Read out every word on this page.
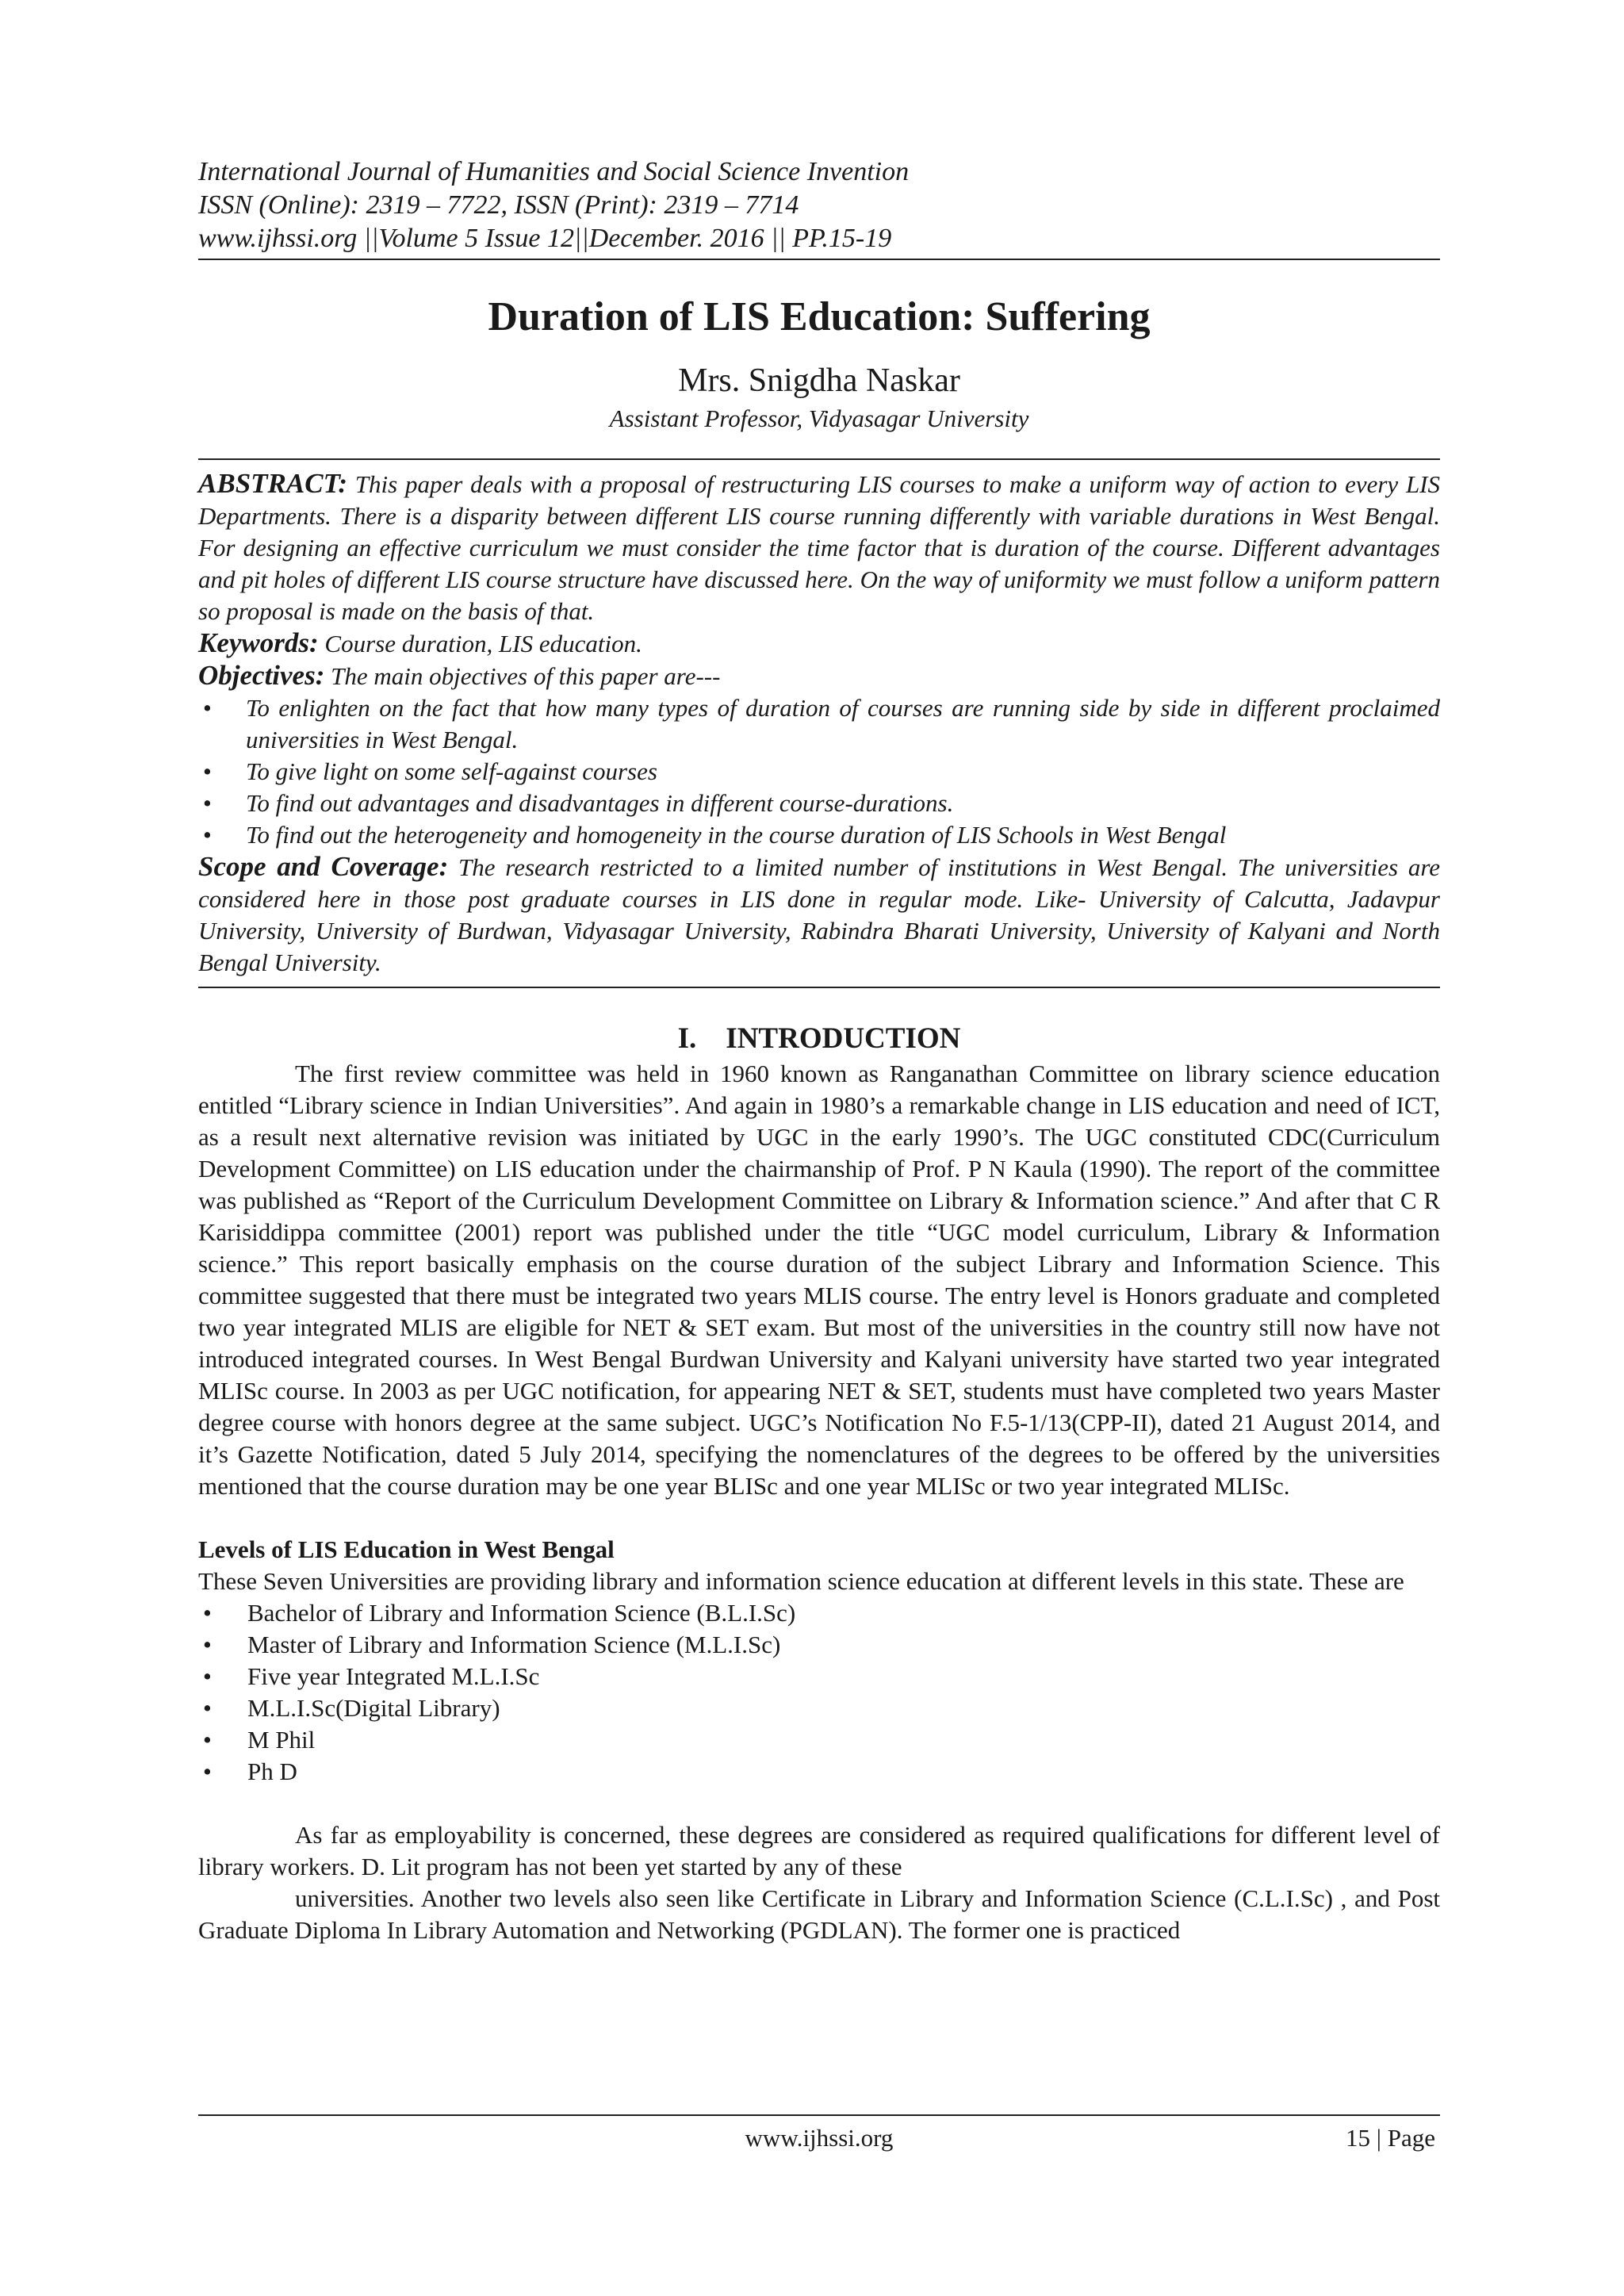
International Journal of Humanities and Social Science Invention
ISSN (Online): 2319 – 7722, ISSN (Print): 2319 – 7714
www.ijhssi.org ||Volume 5 Issue 12||December. 2016 || PP.15-19
Duration of LIS Education: Suffering
Mrs. Snigdha Naskar
Assistant Professor, Vidyasagar University

ABSTRACT: This paper deals with a proposal of restructuring LIS courses to make a uniform way of action to every LIS Departments. There is a disparity between different LIS course running differently with variable durations in West Bengal. For designing an effective curriculum we must consider the time factor that is duration of the course. Different advantages and pit holes of different LIS course structure have discussed here. On the way of uniformity we must follow a uniform pattern so proposal is made on the basis of that.

Keywords: Course duration, LIS education.

Objectives: The main objectives of this paper are---

• To enlighten on the fact that how many types of duration of courses are running side by side in different proclaimed universities in West Bengal.
• To give light on some self-against courses
• To find out advantages and disadvantages in different course-durations.
• To find out the heterogeneity and homogeneity in the course duration of LIS Schools in West Bengal

Scope and Coverage: The research restricted to a limited number of institutions in West Bengal. The universities are considered here in those post graduate courses in LIS done in regular mode. Like- University of Calcutta, Jadavpur University, University of Burdwan, Vidyasagar University, Rabindra Bharati University, University of Kalyani and North Bengal University.

I.    INTRODUCTION

The first review committee was held in 1960 known as Ranganathan Committee on library science education entitled “Library science in Indian Universities”. And again in 1980’s a remarkable change in LIS education and need of ICT, as a result next alternative revision was initiated by UGC in the early 1990’s. The UGC constituted CDC(Curriculum Development Committee) on LIS education under the chairmanship of Prof. P N Kaula (1990). The report of the committee was published as “Report of the Curriculum Development Committee on Library & Information science.” And after that C R Karisiddippa committee (2001) report was published under the title “UGC model curriculum, Library & Information science.” This report basically emphasis on the course duration of the subject Library and Information Science. This committee suggested that there must be integrated two years MLIS course. The entry level is Honors graduate and completed two year integrated MLIS are eligible for NET & SET exam. But most of the universities in the country still now have not introduced integrated courses. In West Bengal Burdwan University and Kalyani university have started two year integrated MLISc course. In 2003 as per UGC notification, for appearing NET & SET, students must have completed two years Master degree course with honors degree at the same subject. UGC’s Notification No F.5-1/13(CPP-II), dated 21 August 2014, and it’s Gazette Notification, dated 5 July 2014, specifying the nomenclatures of the degrees to be offered by the universities mentioned that the course duration may be one year BLISc and one year MLISc or two year integrated MLISc.

Levels of LIS Education in West Bengal

These Seven Universities are providing library and information science education at different levels in this state. These are

• Bachelor of Library and Information Science (B.L.I.Sc)
• Master of Library and Information Science (M.L.I.Sc)
• Five year Integrated M.L.I.Sc
• M.L.I.Sc(Digital Library)
• M Phil
• Ph D

As far as employability is concerned, these degrees are considered as required qualifications for different level of library workers. D. Lit program has not been yet started by any of these

universities. Another two levels also seen like Certificate in Library and Information Science (C.L.I.Sc) , and Post Graduate Diploma In Library Automation and Networking (PGDLAN). The former one is practiced

www.ijhssi.org	15 | Page
